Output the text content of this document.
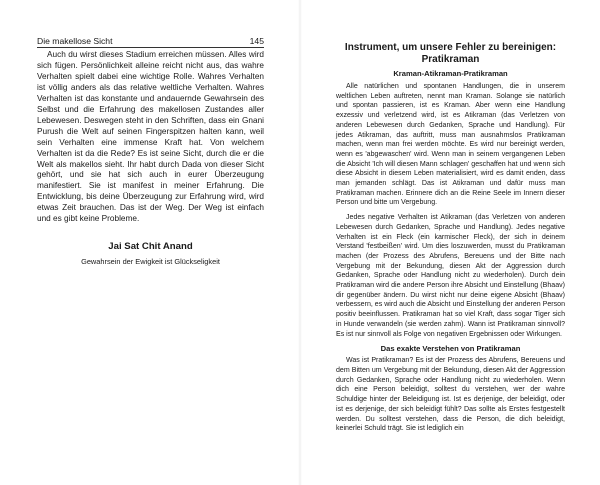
Die makellose Sicht	145

Auch du wirst dieses Stadium erreichen müssen. Alles wird sich fügen. Persönlichkeit alleine reicht nicht aus, das wahre Verhalten spielt dabei eine wichtige Rolle. Wahres Verhalten ist völlig anders als das relative weltliche Verhalten. Wahres Verhalten ist das konstante und andauernde Gewahrsein des Selbst und die Erfahrung des makellosen Zustandes aller Lebewesen. Deswegen steht in den Schriften, dass ein Gnani Purush die Welt auf seinen Fingerspitzen halten kann, weil sein Verhalten eine immense Kraft hat. Von welchem Verhalten ist da die Rede? Es ist seine Sicht, durch die er die Welt als makellos sieht. Ihr habt durch Dada von dieser Sicht gehört, und sie hat sich auch in eurer Überzeugung manifestiert. Sie ist manifest in meiner Erfahrung. Die Entwicklung, bis deine Überzeugung zur Erfahrung wird, wird etwas Zeit brauchen. Das ist der Weg. Der Weg ist einfach und es gibt keine Probleme.

Jai Sat Chit Anand
Gewahrsein der Ewigkeit ist Glückseligkeit
Instrument, um unsere Fehler zu bereinigen:
Pratikraman
Kraman-Atikraman-Pratikraman

Alle natürlichen und spontanen Handlungen, die in unserem weltlichen Leben auftreten, nennt man Kraman. Solange sie natürlich und spontan passieren, ist es Kraman. Aber wenn eine Handlung exzessiv und verletzend wird, ist es Atikraman (das Verletzen von anderen Lebewesen durch Gedanken, Sprache und Handlung). Für jedes Atikraman, das auftritt, muss man ausnahmslos Pratikraman machen, wenn man frei werden möchte. Es wird nur bereinigt werden, wenn es 'abgewaschen' wird. Wenn man in seinem vergangenen Leben die Absicht 'Ich will diesen Mann schlagen' geschaffen hat und wenn sich diese Absicht in diesem Leben materialisiert, wird es damit enden, dass man jemanden schlägt. Das ist Atikraman und dafür muss man Pratikraman machen. Erinnere dich an die Reine Seele im Innern dieser Person und bitte um Vergebung.

Jedes negative Verhalten ist Atikraman (das Verletzen von anderen Lebewesen durch Gedanken, Sprache und Handlung). Jedes negative Verhalten ist ein Fleck (ein karmischer Fleck), der sich in deinem Verstand 'festbeißen' wird. Um dies loszuwerden, musst du Pratikraman machen (der Prozess des Abrufens, Bereuens und der Bitte nach Vergebung mit der Bekundung, diesen Akt der Aggression durch Gedanken, Sprache oder Handlung nicht zu wiederholen). Durch dein Pratikraman wird die andere Person ihre Absicht und Einstellung (Bhaav) dir gegenüber ändern. Du wirst nicht nur deine eigene Absicht (Bhaav) verbessern, es wird auch die Absicht und Einstellung der anderen Person positiv beeinflussen. Pratikraman hat so viel Kraft, dass sogar Tiger sich in Hunde verwandeln (sie werden zahm). Wann ist Pratikraman sinnvoll? Es ist nur sinnvoll als Folge von negativen Ergebnissen oder Wirkungen.

Das exakte Verstehen von Pratikraman

Was ist Pratikraman? Es ist der Prozess des Abrufens, Bereuens und dem Bitten um Vergebung mit der Bekundung, diesen Akt der Aggression durch Gedanken, Sprache oder Handlung nicht zu wiederholen. Wenn dich eine Person beleidigt, solltest du verstehen, wer der wahre Schuldige hinter der Beleidigung ist. Ist es derjenige, der beleidigt, oder ist es derjenige, der sich beleidigt fühlt? Das sollte als Erstes festgestellt werden. Du solltest verstehen, dass die Person, die dich beleidigt, keinerlei Schuld trägt. Sie ist lediglich ein
